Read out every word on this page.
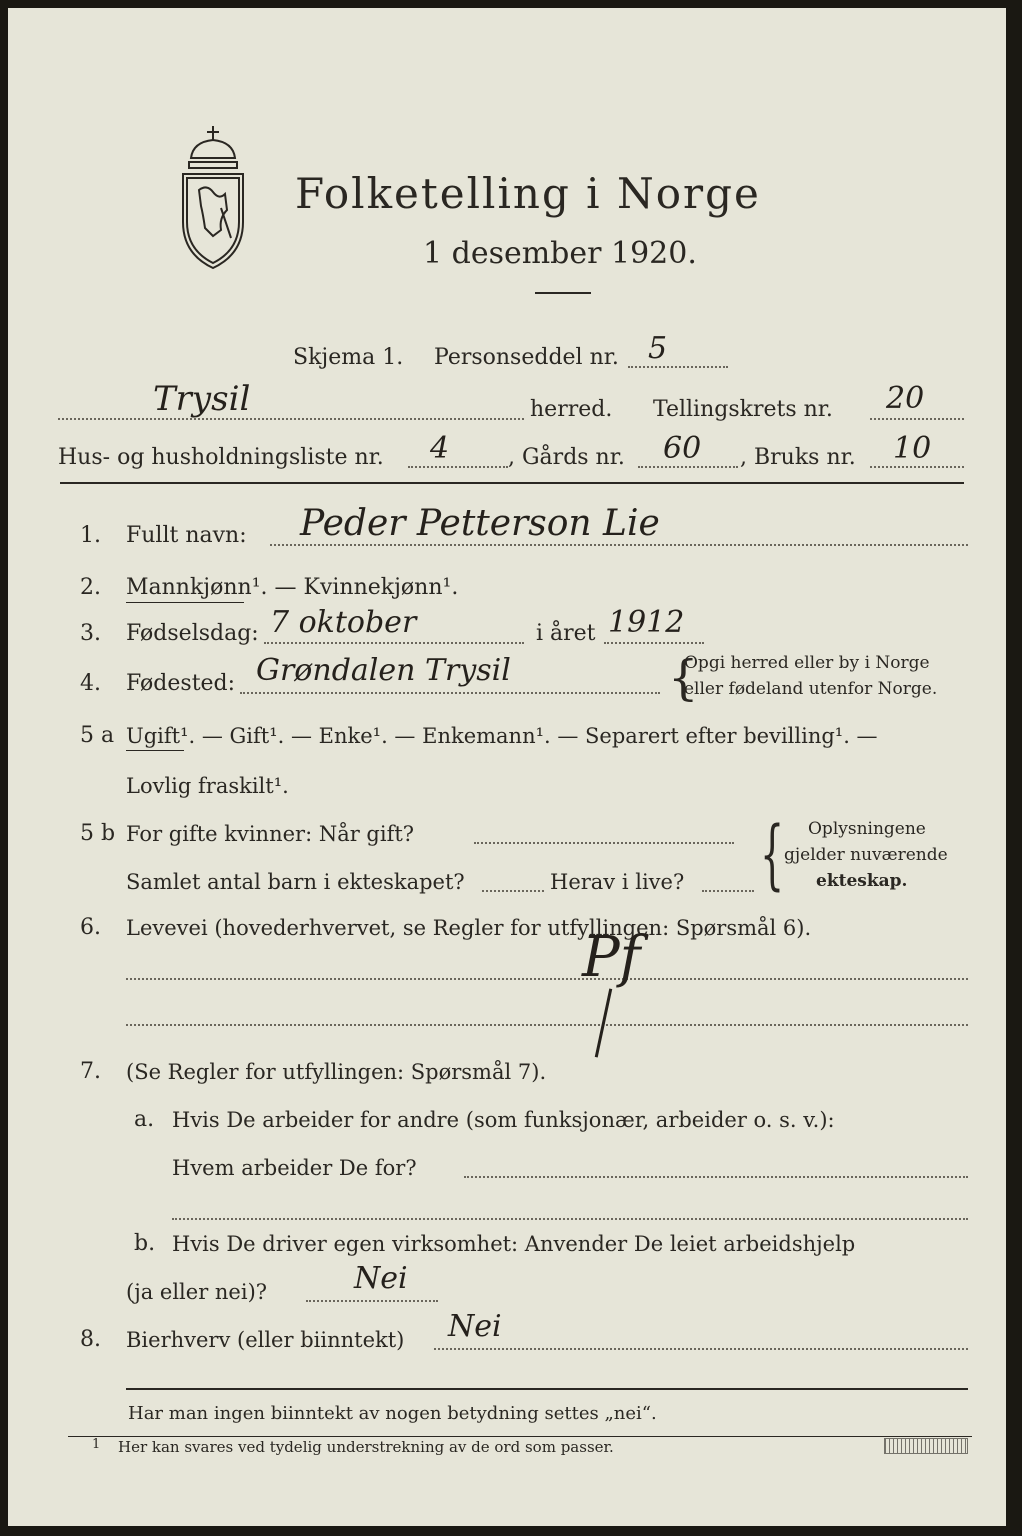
Folketelling i Norge
1 desember 1920.
Skjema 1. Personseddel nr. 5
Trysil	herred. Tellingskrets nr. 20
Hus- og husholdningsliste nr. 4	, Gårds nr. 60 , Bruks nr. 10
1. Fullt navn: Peder Petterson Lie
2. Mannkjønn¹. — Kvinnekjønn¹.
3. Fødselsdag: 7 oktober	i året 1912
4. Fødested: Grøndalen Trysil	{
Opgi herred eller by i Norge
eller fødeland utenfor Norge.
5 a Ugift¹. — Gift¹. — Enke¹. — Enkemann¹. — Separert efter bevilling¹. —
Lovlig fraskilt¹.
5 b For gifte kvinner: Når gift?
Samlet antal barn i ekteskapet?	Herav i live? { Oplysningene
gjelder nuværende
ekteskap.
6. Levevei (hovederhvervet, se Regler for utfyllingen: Spørsmål 6).
Pf
7. (Se Regler for utfyllingen: Spørsmål 7).
a. Hvis De arbeider for andre (som funksjonær, arbeider o. s. v.):
Hvem arbeider De for?
b. Hvis De driver egen virksomhet: Anvender De leiet arbeidshjelp
(ja eller nei)?	Nei
8. Bierhverv (eller biinntekt) Nei
Har man ingen biinntekt av nogen betydning settes „nei“.
1 Her kan svares ved tydelig understrekning av de ord som passer.
